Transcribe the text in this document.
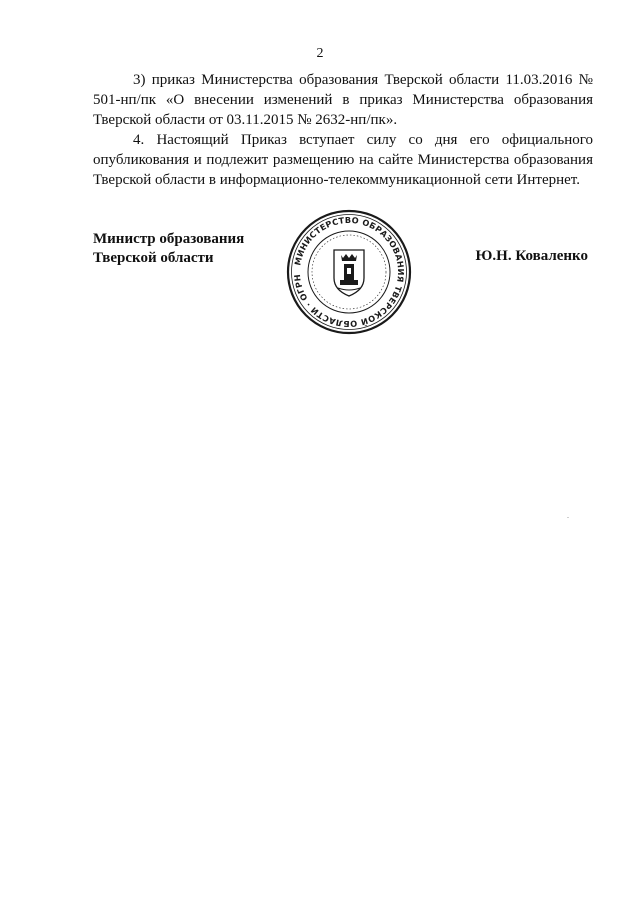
2

3) приказ Министерства образования Тверской области 11.03.2016 № 501-нп/пк «О внесении изменений в приказ Министерства образования Тверской области от 03.11.2015 № 2632-нп/пк».

4. Настоящий Приказ вступает силу со дня его официального опубликования и подлежит размещению на сайте Министерства образования Тверской области в информационно-телекоммуникационной сети Интернет.

Министр образования
Тверской области	МИНИСТЕРСТВО ОБРАЗОВАНИЯ ТВЕРСКОЙ ОБЛАСТИ · ОГРН
Ю.Н. Коваленко
